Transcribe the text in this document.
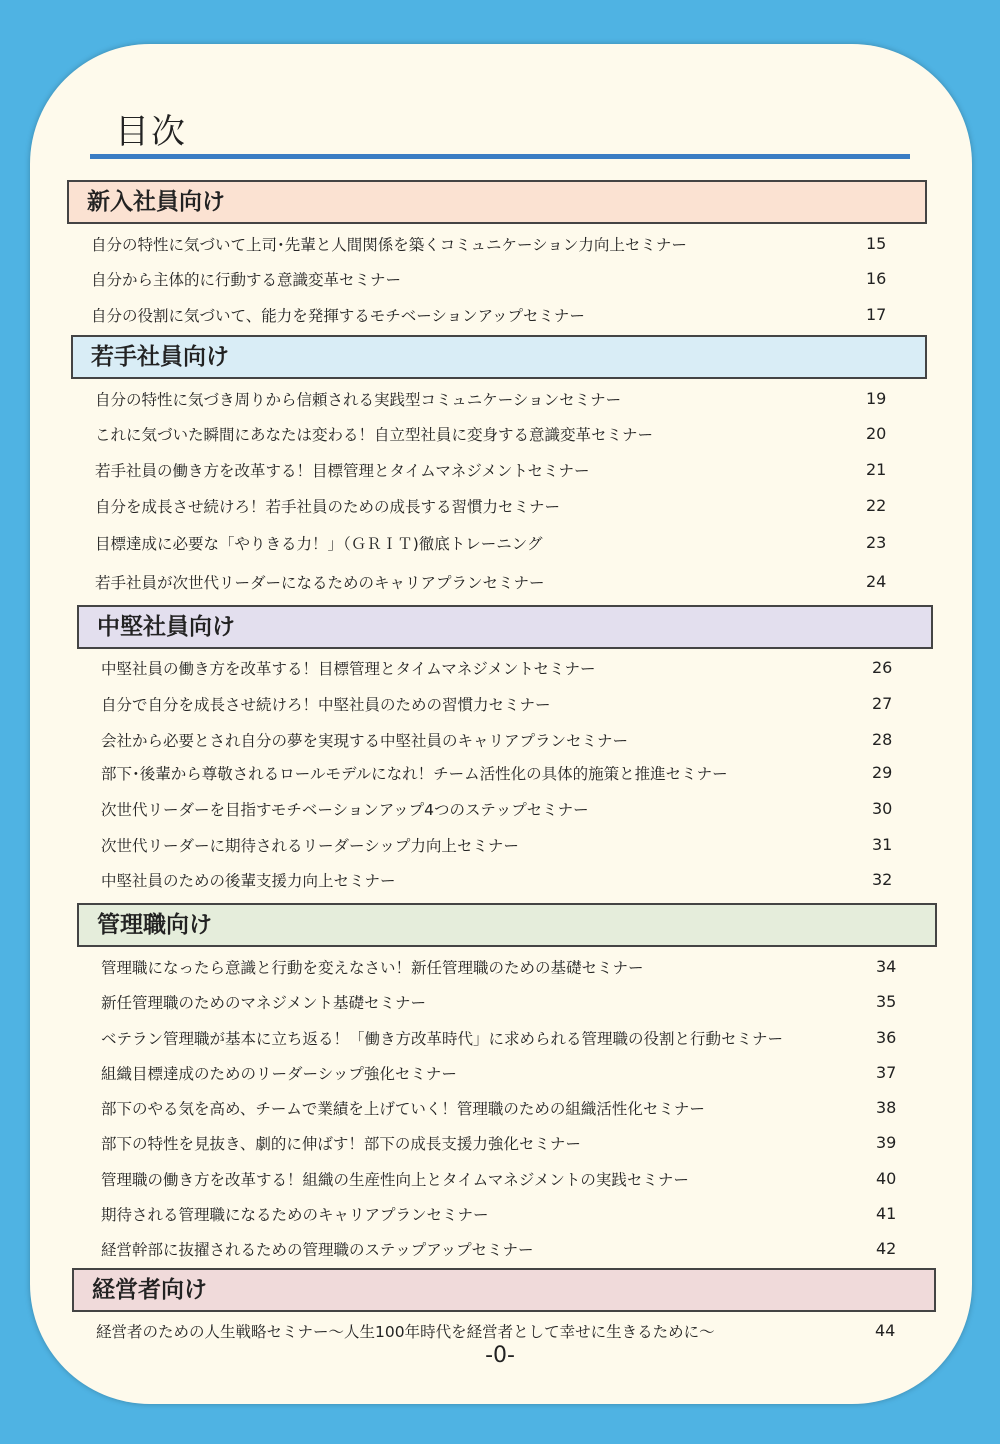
目次
新入社員向け
自分の特性に気づいて上司･先輩と人間関係を築くコミュニケーション力向上セミナー	15
自分から主体的に行動する意識変革セミナー	16
自分の役割に気づいて、能力を発揮するモチベーションアップセミナー	17
若手社員向け
自分の特性に気づき周りから信頼される実践型コミュニケーションセミナー	19
これに気づいた瞬間にあなたは変わる！自立型社員に変身する意識変革セミナー	20
若手社員の働き方を改革する！目標管理とタイムマネジメントセミナー	21
自分を成長させ続けろ！若手社員のための成長する習慣力セミナー	22
目標達成に必要な「やりきる力！」（ＧＲＩＴ)徹底トレーニング	23
若手社員が次世代リーダーになるためのキャリアプランセミナー	24
中堅社員向け
中堅社員の働き方を改革する！目標管理とタイムマネジメントセミナー	26
自分で自分を成長させ続けろ！中堅社員のための習慣力セミナー	27
会社から必要とされ自分の夢を実現する中堅社員のキャリアプランセミナー	28
部下･後輩から尊敬されるロールモデルになれ！チーム活性化の具体的施策と推進セミナー	29
次世代リーダーを目指すモチベーションアップ4つのステップセミナー	30
次世代リーダーに期待されるリーダーシップ力向上セミナー	31
中堅社員のための後輩支援力向上セミナー	32
管理職向け
管理職になったら意識と行動を変えなさい！新任管理職のための基礎セミナー	34
新任管理職のためのマネジメント基礎セミナー	35
ベテラン管理職が基本に立ち返る！「働き方改革時代」に求められる管理職の役割と行動セミナー	36
組織目標達成のためのリーダーシップ強化セミナー	37
部下のやる気を高め、チームで業績を上げていく！管理職のための組織活性化セミナー	38
部下の特性を見抜き、劇的に伸ばす！部下の成長支援力強化セミナー	39
管理職の働き方を改革する！組織の生産性向上とタイムマネジメントの実践セミナー	40
期待される管理職になるためのキャリアプランセミナー	41
経営幹部に抜擢されるための管理職のステップアップセミナー	42
経営者向け
経営者のための人生戦略セミナー～人生100年時代を経営者として幸せに生きるために～	44
-0-
